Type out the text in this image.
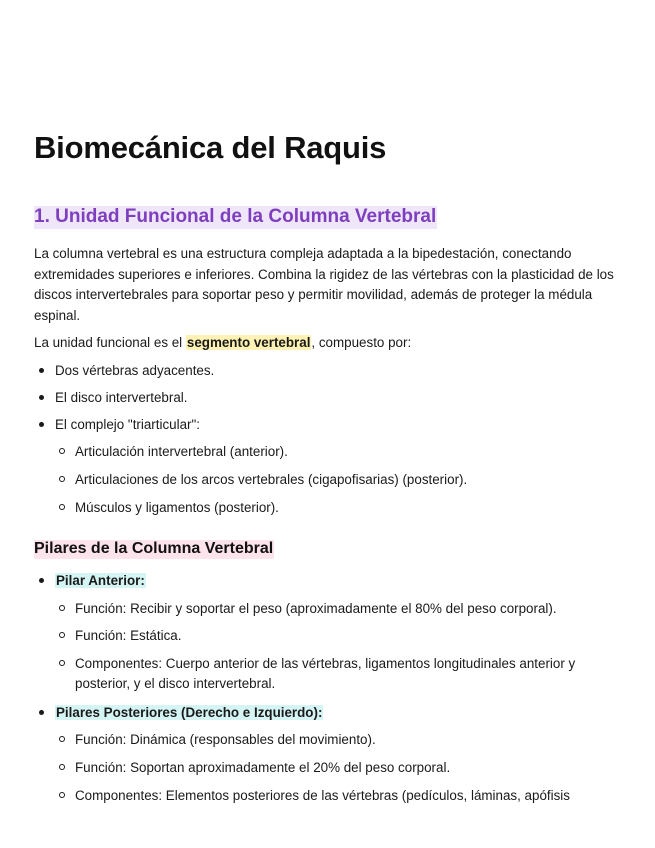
Biomecánica del Raquis
1. Unidad Funcional de la Columna Vertebral

La columna vertebral es una estructura compleja adaptada a la bipedestación, conectando extremidades superiores e inferiores. Combina la rigidez de las vértebras con la plasticidad de los discos intervertebrales para soportar peso y permitir movilidad, además de proteger la médula espinal.

La unidad funcional es el segmento vertebral, compuesto por:

Dos vértebras adyacentes.
El disco intervertebral.
El complejo "triarticular":
Articulación intervertebral (anterior).
Articulaciones de los arcos vertebrales (cigapofisarias) (posterior).
Músculos y ligamentos (posterior).
Pilares de la Columna Vertebral
Pilar Anterior:
Función: Recibir y soportar el peso (aproximadamente el 80% del peso corporal).
Función: Estática.
Componentes: Cuerpo anterior de las vértebras, ligamentos longitudinales anterior y posterior, y el disco intervertebral.
Pilares Posteriores (Derecho e Izquierdo):
Función: Dinámica (responsables del movimiento).
Función: Soportan aproximadamente el 20% del peso corporal.
Componentes: Elementos posteriores de las vértebras (pedículos, láminas, apófisis
